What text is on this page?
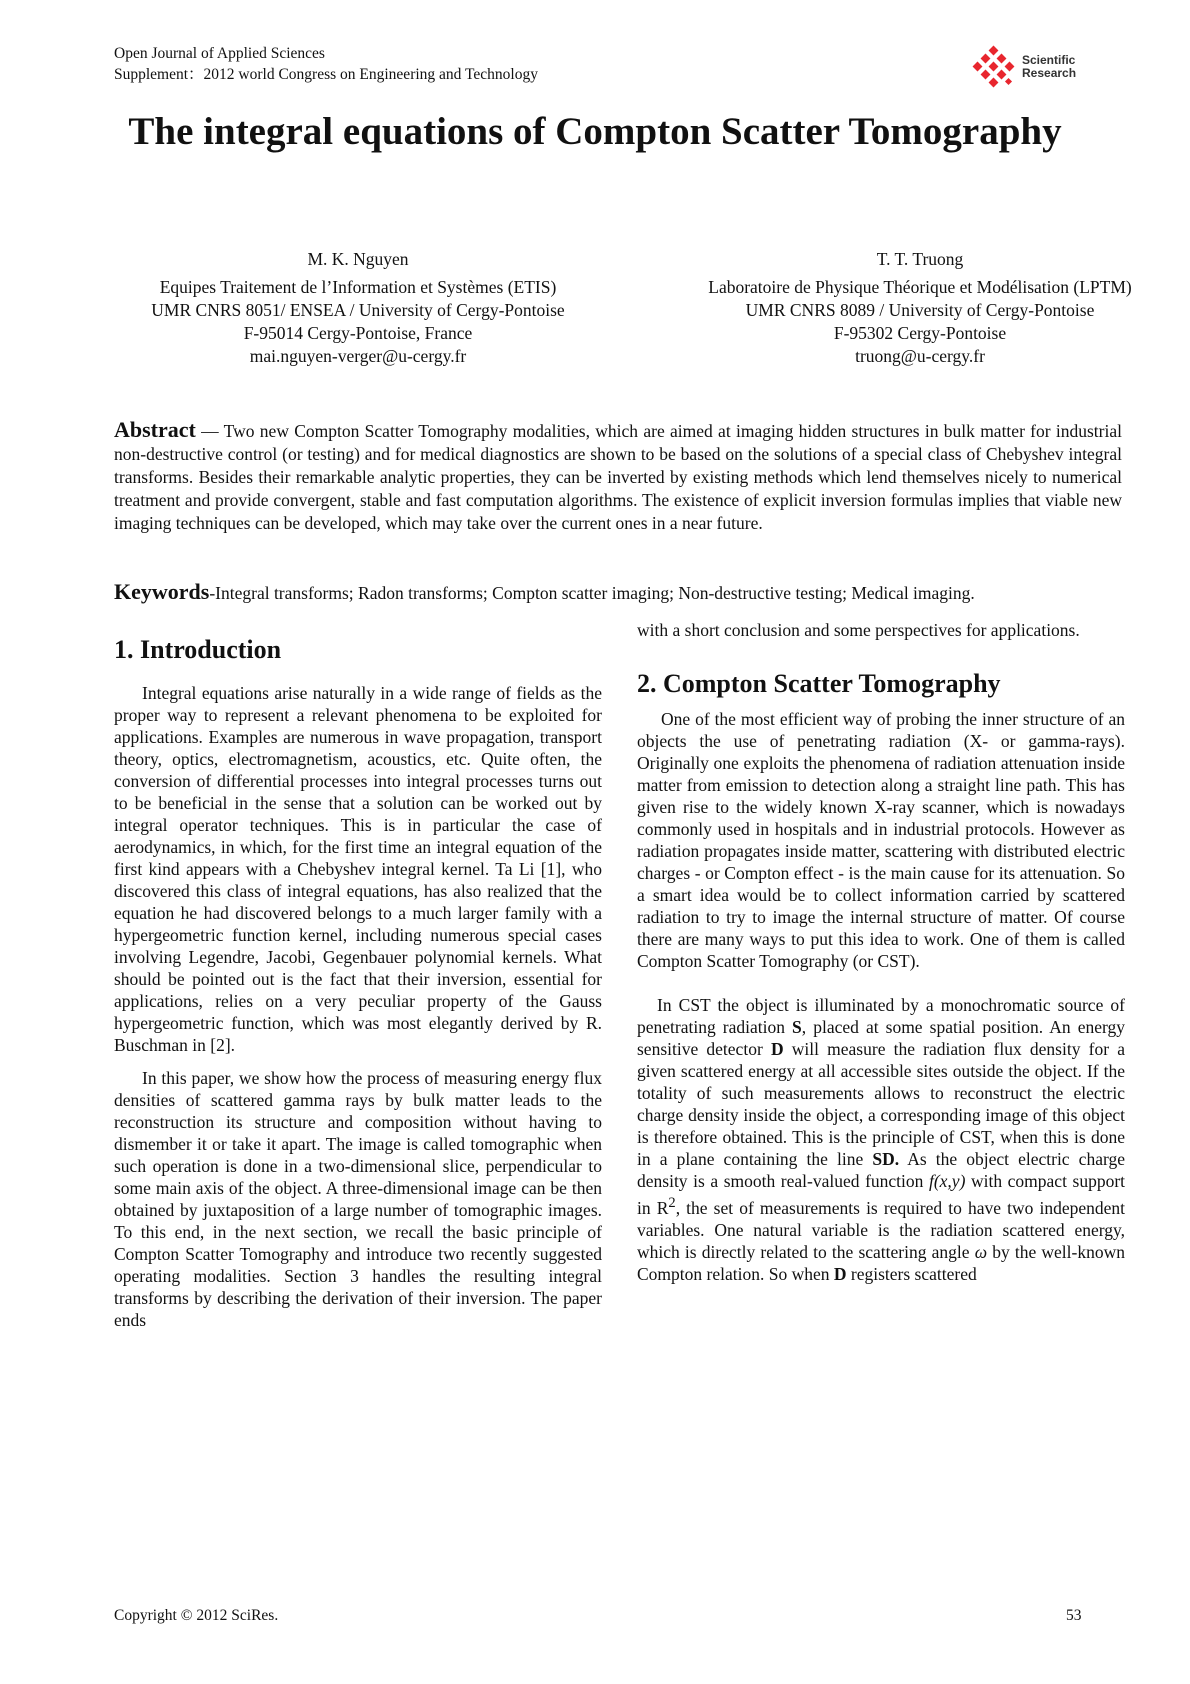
Open Journal of Applied Sciences
Supplement：2012 world Congress on Engineering and Technology
Scientific
Research
The integral equations of Compton Scatter Tomography
M. K. Nguyen
Equipes Traitement de l’Information et Systèmes (ETIS)
UMR CNRS 8051/ ENSEA / University of Cergy-Pontoise
F-95014 Cergy-Pontoise, France
mai.nguyen-verger@u-cergy.fr
T. T. Truong
Laboratoire de Physique Théorique et Modélisation (LPTM)
UMR CNRS 8089 / University of Cergy-Pontoise
F-95302 Cergy-Pontoise
truong@u-cergy.fr
Abstract — Two new Compton Scatter Tomography modalities, which are aimed at imaging hidden structures in bulk matter for industrial non-destructive control (or testing) and for medical diagnostics are shown to be based on the solutions of a special class of Chebyshev integral transforms. Besides their remarkable analytic properties, they can be inverted by existing methods which lend themselves nicely to numerical treatment and provide convergent, stable and fast computation algorithms. The existence of explicit inversion formulas implies that viable new imaging techniques can be developed, which may take over the current ones in a near future.
Keywords-Integral transforms; Radon transforms; Compton scatter imaging; Non-destructive testing; Medical imaging.
1. Introduction

Integral equations arise naturally in a wide range of fields as the proper way to represent a relevant phenomena to be exploited for applications. Examples are numerous in wave propagation, transport theory, optics, electromagnetism, acoustics, etc. Quite often, the conversion of differential processes into integral processes turns out to be beneficial in the sense that a solution can be worked out by integral operator techniques. This is in particular the case of aerodynamics, in which, for the first time an integral equation of the first kind appears with a Chebyshev integral kernel. Ta Li [1], who discovered this class of integral equations, has also realized that the equation he had discovered belongs to a much larger family with a hypergeometric function kernel, including numerous special cases involving Legendre, Jacobi, Gegenbauer polynomial kernels. What should be pointed out is the fact that their inversion, essential for applications, relies on a very peculiar property of the Gauss hypergeometric function, which was most elegantly derived by R. Buschman in [2].

In this paper, we show how the process of measuring energy flux densities of scattered gamma rays by bulk matter leads to the reconstruction its structure and composition without having to dismember it or take it apart. The image is called tomographic when such operation is done in a two-dimensional slice, perpendicular to some main axis of the object. A three-dimensional image can be then obtained by juxtaposition of a large number of tomographic images. To this end, in the next section, we recall the basic principle of Compton Scatter Tomography and introduce two recently suggested operating modalities. Section 3 handles the resulting integral transforms by describing the derivation of their inversion. The paper ends

with a short conclusion and some perspectives for applications.

2. Compton Scatter Tomography

One of the most efficient way of probing the inner structure of an objects the use of penetrating radiation (X- or gamma-rays). Originally one exploits the phenomena of radiation attenuation inside matter from emission to detection along a straight line path. This has given rise to the widely known X-ray scanner, which is nowadays commonly used in hospitals and in industrial protocols. However as radiation propagates inside matter, scattering with distributed electric charges - or Compton effect - is the main cause for its attenuation. So a smart idea would be to collect information carried by scattered radiation to try to image the internal structure of matter. Of course there are many ways to put this idea to work. One of them is called Compton Scatter Tomography (or CST).

In CST the object is illuminated by a monochromatic source of penetrating radiation S, placed at some spatial position. An energy sensitive detector D will measure the radiation flux density for a given scattered energy at all accessible sites outside the object. If the totality of such measurements allows to reconstruct the electric charge density inside the object, a corresponding image of this object is therefore obtained. This is the principle of CST, when this is done in a plane containing the line SD. As the object electric charge density is a smooth real-valued function f(x,y) with compact support in $R^2$, the set of measurements is required to have two independent variables. One natural variable is the radiation scattered energy, which is directly related to the scattering angle ω by the well-known Compton relation. So when D registers scattered

Copyright © 2012 SciRes.	53
